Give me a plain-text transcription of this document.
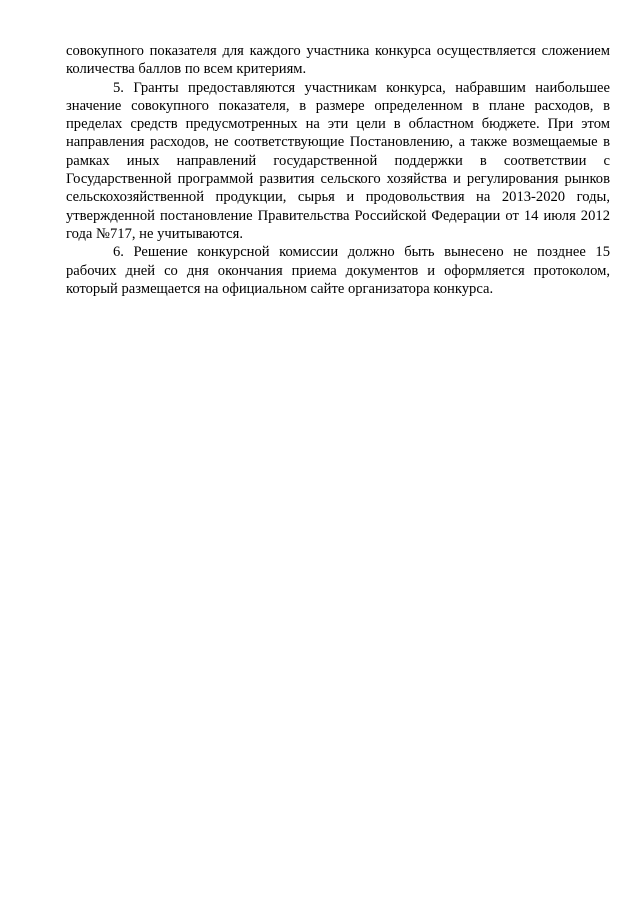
совокупного показателя для каждого участника конкурса осуществляется сложением количества баллов по всем критериям.

5. Гранты предоставляются участникам конкурса, набравшим наибольшее значение совокупного показателя, в размере определенном в плане расходов, в пределах средств предусмотренных на эти цели в областном бюджете. При этом направления расходов, не соответствующие Постановлению, а также возмещаемые в рамках иных направлений государственной поддержки в соответствии с Государственной программой развития сельского хозяйства и регулирования рынков сельскохозяйственной продукции, сырья и продовольствия на 2013-2020 годы, утвержденной постановление Правительства Российской Федерации от 14 июля 2012 года №717, не учитываются.

6. Решение конкурсной комиссии должно быть вынесено не позднее 15 рабочих дней со дня окончания приема документов и оформляется протоколом, который размещается на официальном сайте организатора конкурса.
